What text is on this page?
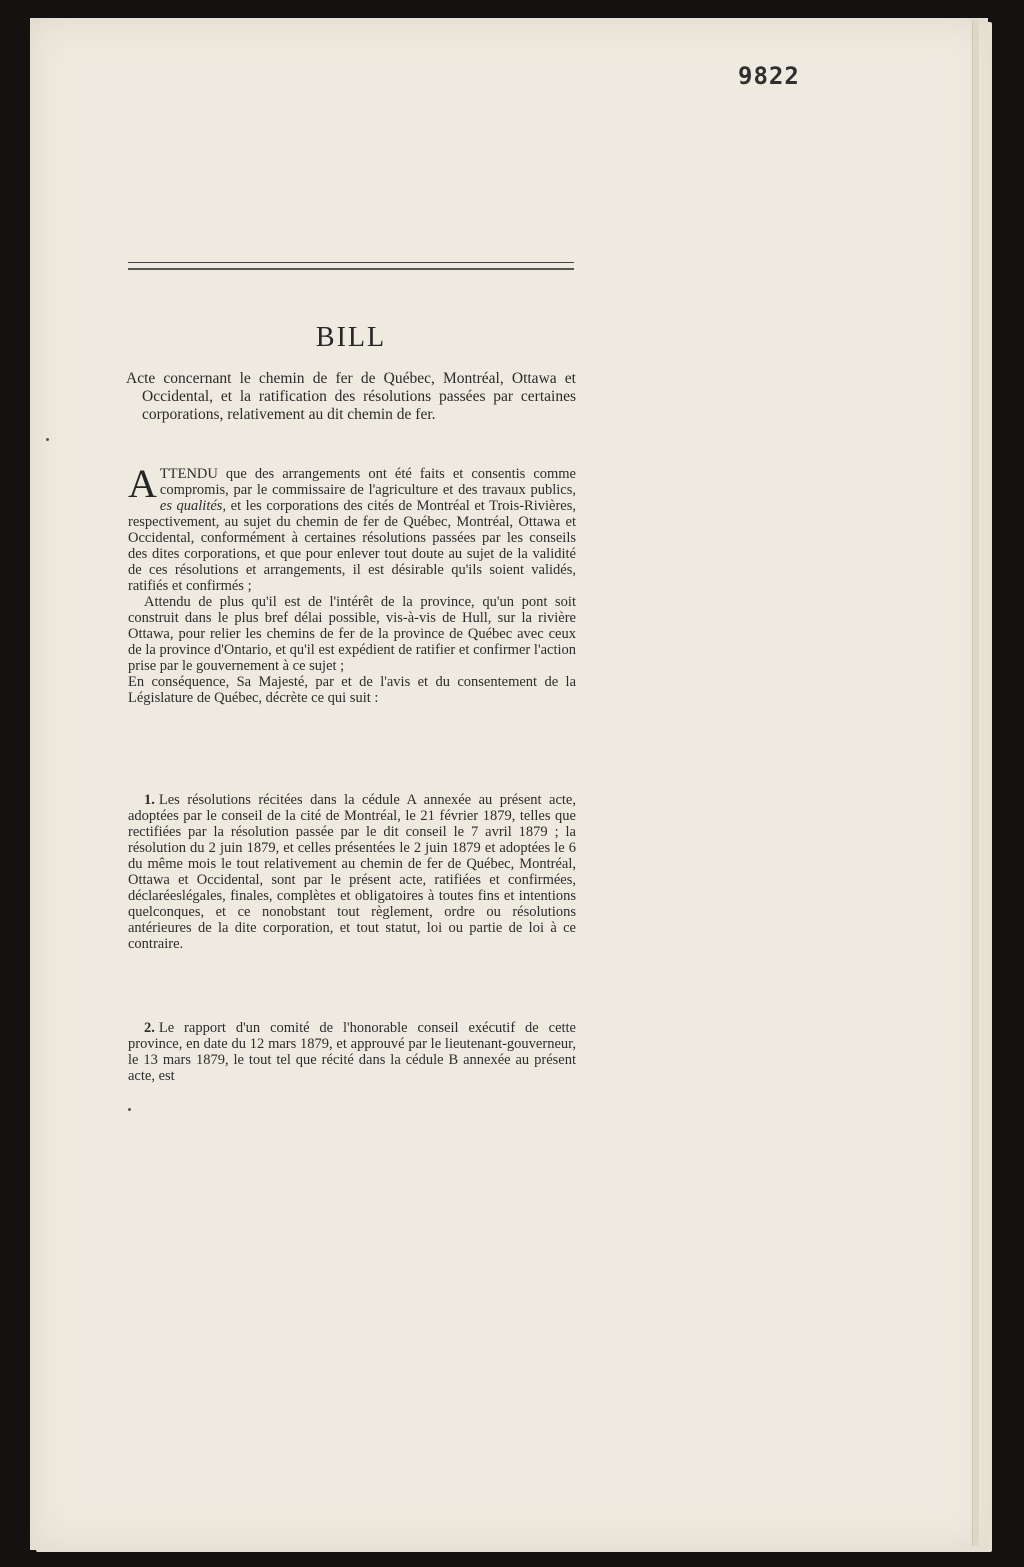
9822
BILL
Acte concernant le chemin de fer de Québec, Montréal, Ottawa et Occidental, et la ratification des résolutions passées par certaines corporations, relativement au dit chemin de fer.

ATTENDU que des arrangements ont été faits et consentis comme compromis, par le commissaire de l'agriculture et des travaux publics, es qualités, et les corporations des cités de Montréal et Trois-Rivières, respectivement, au sujet du chemin de fer de Québec, Montréal, Ottawa et Occidental, conformément à certaines résolutions passées par les conseils des dites corporations, et que pour enlever tout doute au sujet de la validité de ces résolutions et arrangements, il est désirable qu'ils soient validés, ratifiés et confirmés ;

Attendu de plus qu'il est de l'intérêt de la province, qu'un pont soit construit dans le plus bref délai possible, vis-à-vis de Hull, sur la rivière Ottawa, pour relier les chemins de fer de la province de Québec avec ceux de la province d'Ontario, et qu'il est expédient de ratifier et confirmer l'action prise par le gouvernement à ce sujet ;

En conséquence, Sa Majesté, par et de l'avis et du consentement de la Législature de Québec, décrète ce qui suit :

1. Les résolutions récitées dans la cédule A annexée au présent acte, adoptées par le conseil de la cité de Montréal, le 21 février 1879, telles que rectifiées par la résolution passée par le dit conseil le 7 avril 1879 ; la résolution du 2 juin 1879, et celles présentées le 2 juin 1879 et adoptées le 6 du même mois le tout relativement au chemin de fer de Québec, Montréal, Ottawa et Occidental, sont par le présent acte, ratifiées et confirmées, déclaréeslégales, finales, complètes et obligatoires à toutes fins et intentions quelconques, et ce nonobstant tout règlement, ordre ou résolutions antérieures de la dite corporation, et tout statut, loi ou partie de loi à ce contraire.

2. Le rapport d'un comité de l'honorable conseil exécutif de cette province, en date du 12 mars 1879, et approuvé par le lieutenant-gouverneur, le 13 mars 1879, le tout tel que récité dans la cédule B annexée au présent acte, est
